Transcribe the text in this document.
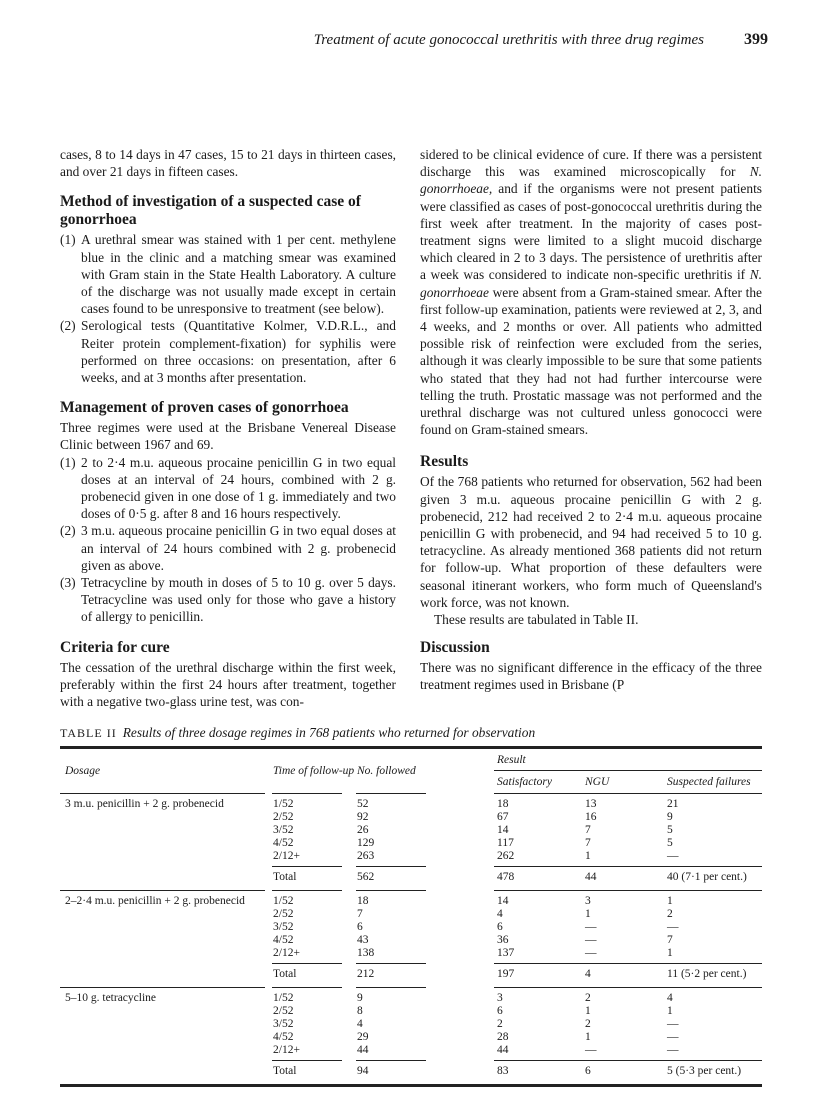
Treatment of acute gonococcal urethritis with three drug regimes	399

cases, 8 to 14 days in 47 cases, 15 to 21 days in thirteen cases, and over 21 days in fifteen cases.

Method of investigation of a suspected case of gonorrhoea

(1) A urethral smear was stained with 1 per cent. methylene blue in the clinic and a matching smear was examined with Gram stain in the State Health Laboratory. A culture of the discharge was not usually made except in certain cases found to be unresponsive to treatment (see below).

(2) Serological tests (Quantitative Kolmer, V.D.R.L., and Reiter protein complement-fixation) for syphilis were performed on three occasions: on presentation, after 6 weeks, and at 3 months after presentation.

Management of proven cases of gonorrhoea

Three regimes were used at the Brisbane Venereal Disease Clinic between 1967 and 69.

(1) 2 to 2·4 m.u. aqueous procaine penicillin G in two equal doses at an interval of 24 hours, combined with 2 g. probenecid given in one dose of 1 g. immediately and two doses of 0·5 g. after 8 and 16 hours respectively.

(2) 3 m.u. aqueous procaine penicillin G in two equal doses at an interval of 24 hours combined with 2 g. probenecid given as above.

(3) Tetracycline by mouth in doses of 5 to 10 g. over 5 days. Tetracycline was used only for those who gave a history of allergy to penicillin.

Criteria for cure

The cessation of the urethral discharge within the first week, preferably within the first 24 hours after treatment, together with a negative two-glass urine test, was con-

sidered to be clinical evidence of cure. If there was a persistent discharge this was examined microscopically for N. gonorrhoeae, and if the organisms were not present patients were classified as cases of post-gonococcal urethritis during the first week after treatment. In the majority of cases post-treatment signs were limited to a slight mucoid discharge which cleared in 2 to 3 days. The persistence of urethritis after a week was considered to indicate non-specific urethritis if N. gonorrhoeae were absent from a Gram-stained smear. After the first follow-up examination, patients were reviewed at 2, 3, and 4 weeks, and 2 months or over. All patients who admitted possible risk of reinfection were excluded from the series, although it was clearly impossible to be sure that some patients who stated that they had not had further intercourse were telling the truth. Prostatic massage was not performed and the urethral discharge was not cultured unless gonococci were found on Gram-stained smears.

Results

Of the 768 patients who returned for observation, 562 had been given 3 m.u. aqueous procaine penicillin G with 2 g. probenecid, 212 had received 2 to 2·4 m.u. aqueous procaine penicillin G with probenecid, and 94 had received 5 to 10 g. tetracycline. As already mentioned 368 patients did not return for follow-up. What proportion of these defaulters were seasonal itinerant workers, who form much of Queensland's work force, was not known.

These results are tabulated in Table II.

Discussion

There was no significant difference in the efficacy of the three treatment regimes used in Brisbane (P

TABLE II Results of three dosage regimes in 768 patients who returned for observation
Dosage	Time of follow-up No. followed
Result
Satisfactory	NGU	Suspected failures
3 m.u. penicillin + 2 g. probenecid	1/52	52	18	13	21
2/52	92	67	16	9
3/52	26	14	7	5
4/52	129	117	7	5
2/12+	263	262	1	—
Total	562	478	44	40 (7·1 per cent.)
2–2·4 m.u. penicillin + 2 g. probenecid 1/52	18	14	3	1
2/52	7	4	1	2
3/52	6	6	—	—
4/52	43	36	—	7
2/12+	138	137	—	1
Total	212	197	4	11 (5·2 per cent.)
5–10 g. tetracycline	1/52	9	3	2	4
2/52	8	6	1	1
3/52	4	2	2	—
4/52	29	28	1	—
2/12+	44	44	—	—
Total	94	83	6	5 (5·3 per cent.)
